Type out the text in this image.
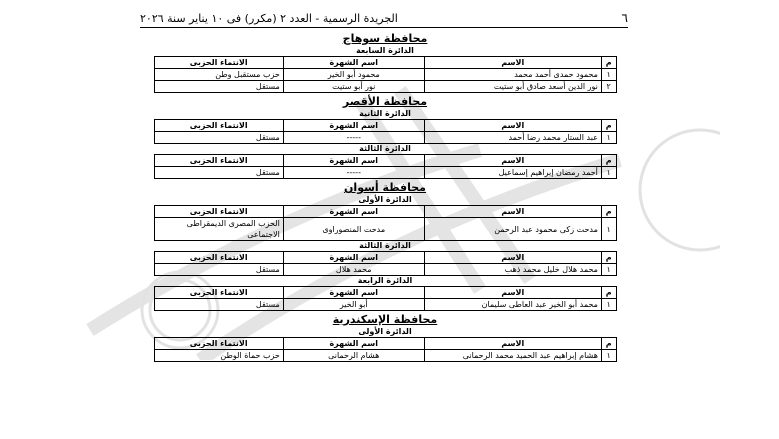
٦
الجريدة الرسمية - العدد ٢ (مكرر) فى ١٠ يناير سنة ٢٠٢٦
محافظة سوهاج
الدائرة السابعة
م	الاسم	اسم الشهرة	الانتماء الحزبى
١	محمود حمدى أحمد محمد	محمود أبو الخير	حزب مستقبل وطن
٢	نور الدين أسعد صادق أبو ستيت	نور أبو ستيت	مستقل
محافظة الأقصر
الدائرة الثانية
م	الاسم	اسم الشهرة	الانتماء الحزبى
١	عبد الستار محمد رضا أحمد	-----	مستقل
الدائرة الثالثة
م	الاسم	اسم الشهرة	الانتماء الحزبى
١	أحمد رمضان إبراهيم إسماعيل	-----	مستقل
محافظة أسوان
الدائرة الأولى
م	الاسم	اسم الشهرة	الانتماء الحزبى
١	مدحت زكى محمود عبد الرحمن	مدحت المنصوراوى	الحزب المصرى الديمقراطى الاجتماعى
الدائرة الثالثة
م	الاسم	اسم الشهرة	الانتماء الحزبى
١	محمد هلال خليل محمد ذهب	محمد هلال	مستقل
الدائرة الرابعة
م	الاسم	اسم الشهرة	الانتماء الحزبى
١	محمد أبو الخير عبد العاطى سليمان	أبو الخير	مستقل
محافظة الإسكندرية
الدائرة الأولى
م	الاسم	اسم الشهرة	الانتماء الحزبى
١	هشام إبراهيم عبد الحميد محمد الرحمانى	هشام الرحمانى	حزب حماة الوطن
